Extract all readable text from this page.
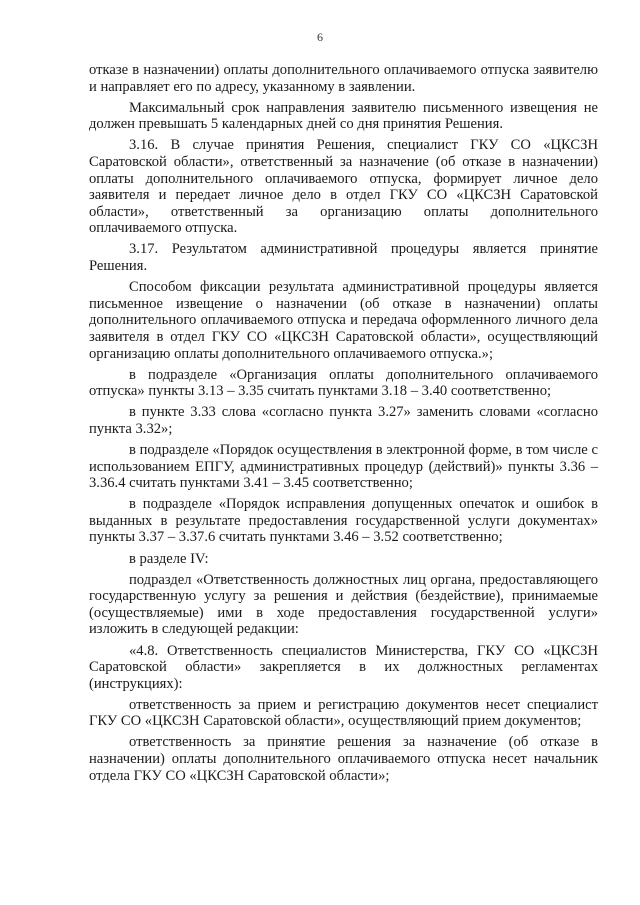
6

отказе в назначении) оплаты дополнительного оплачиваемого отпуска заявителю и направляет его по адресу, указанному в заявлении.

Максимальный срок направления заявителю письменного извещения не должен превышать 5 календарных дней со дня принятия Решения.

3.16. В случае принятия Решения, специалист ГКУ СО «ЦКСЗН Саратовской области», ответственный за назначение (об отказе в назначении) оплаты дополнительного оплачиваемого отпуска, формирует личное дело заявителя и передает личное дело в отдел ГКУ СО «ЦКСЗН Саратовской области», ответственный за организацию оплаты дополнительного оплачиваемого отпуска.

3.17. Результатом административной процедуры является принятие Решения.

Способом фиксации результата административной процедуры является письменное извещение о назначении (об отказе в назначении) оплаты дополнительного оплачиваемого отпуска и передача оформленного личного дела заявителя в отдел ГКУ СО «ЦКСЗН Саратовской области», осуществляющий организацию оплаты дополнительного оплачиваемого отпуска.»;

в подразделе «Организация оплаты дополнительного оплачиваемого отпуска» пункты 3.13 – 3.35 считать пунктами 3.18 – 3.40 соответственно;

в пункте 3.33 слова «согласно пункта 3.27» заменить словами «согласно пункта 3.32»;

в подразделе «Порядок осуществления в электронной форме, в том числе с использованием ЕПГУ, административных процедур (действий)» пункты 3.36 – 3.36.4 считать пунктами 3.41 – 3.45 соответственно;

в подразделе «Порядок исправления допущенных опечаток и ошибок в выданных в результате предоставления государственной услуги документах» пункты 3.37 – 3.37.6 считать пунктами 3.46 – 3.52 соответственно;

в разделе IV:

подраздел «Ответственность должностных лиц органа, предоставляющего государственную услугу за решения и действия (бездействие), принимаемые (осуществляемые) ими в ходе предоставления государственной услуги» изложить в следующей редакции:

«4.8. Ответственность специалистов Министерства, ГКУ СО «ЦКСЗН Саратовской области» закрепляется в их должностных регламентах (инструкциях):

ответственность за прием и регистрацию документов несет специалист ГКУ СО «ЦКСЗН Саратовской области», осуществляющий прием документов;

ответственность за принятие решения за назначение (об отказе в назначении) оплаты дополнительного оплачиваемого отпуска несет начальник отдела ГКУ СО «ЦКСЗН Саратовской области»;
